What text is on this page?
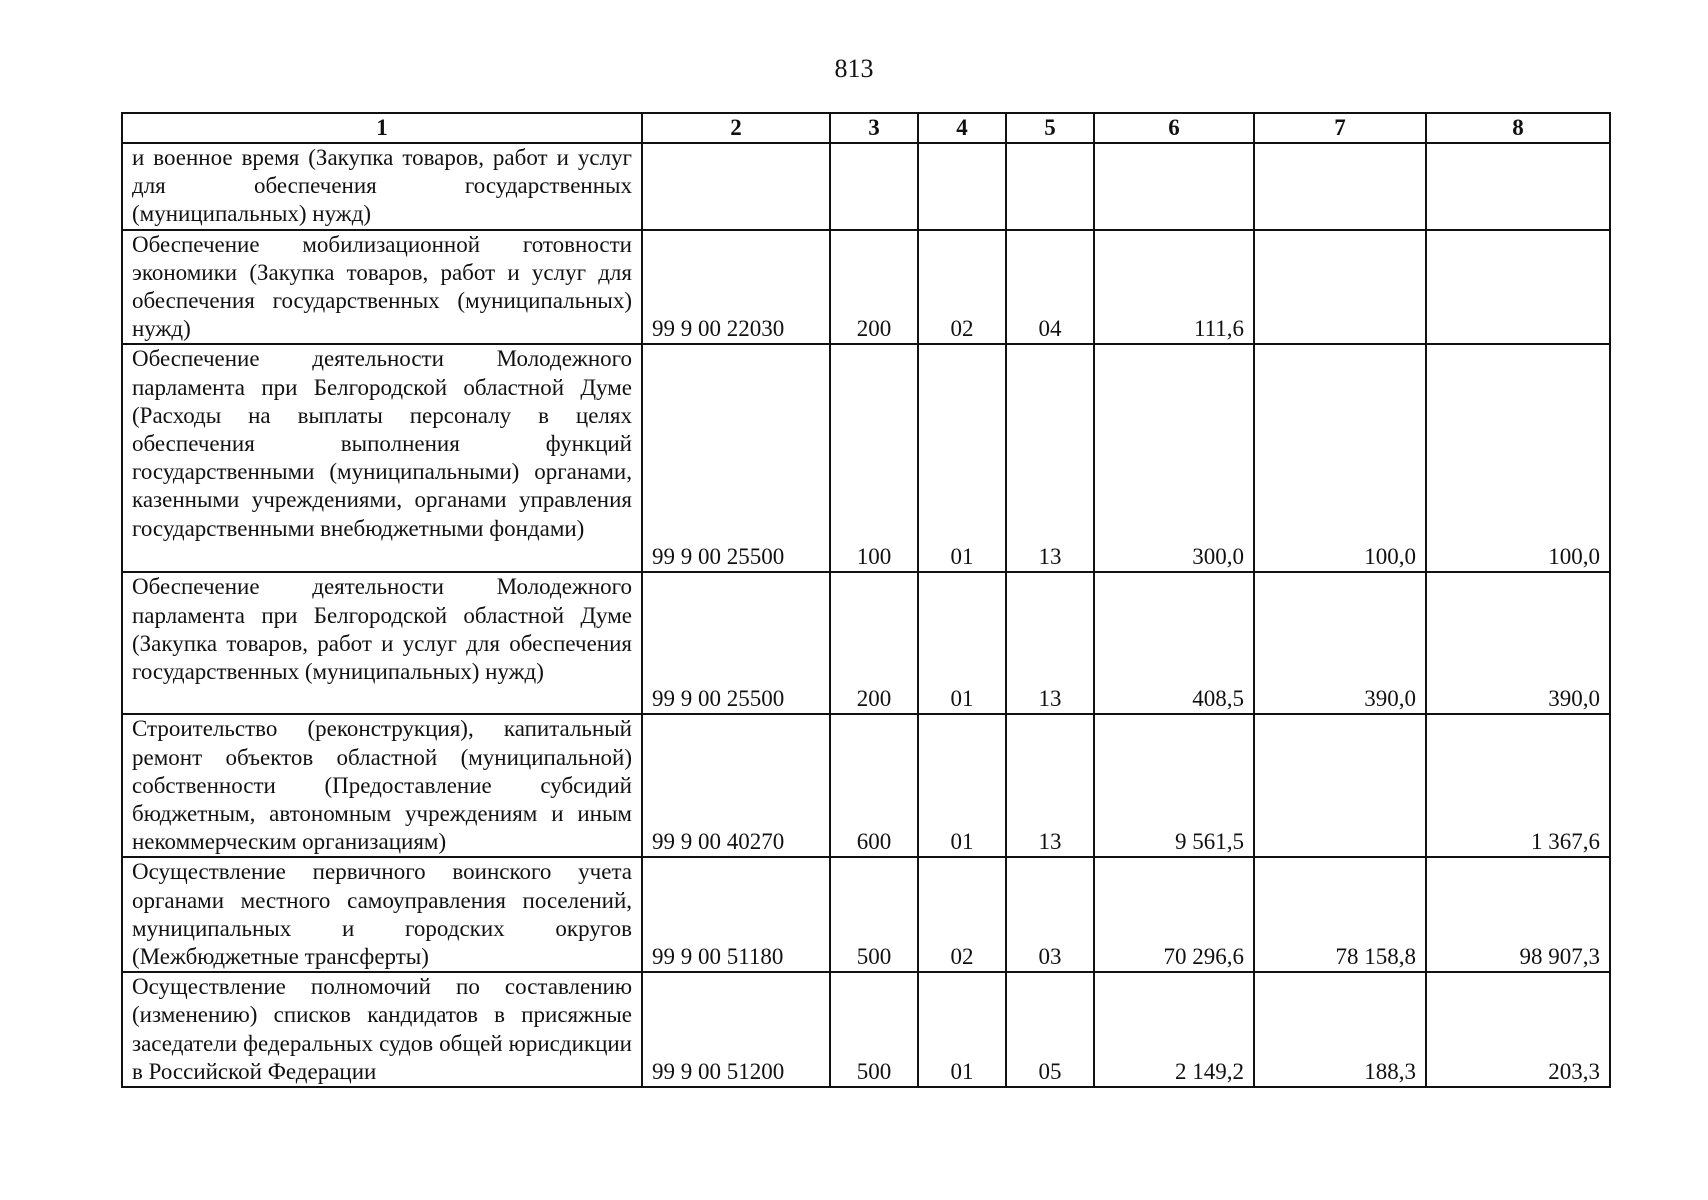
813
1	2	3	4	5	6	7	8
и военное время (Закупка товаров, работ и услуг для обеспечения государственных (муниципальных) нужд)							
Обеспечение мобилизационной готовности экономики (Закупка товаров, работ и услуг для обеспечения государственных (муниципальных) нужд)	99 9 00 22030	200	02	04	111,6		
Обеспечение деятельности Молодежного парламента при Белгородской областной Думе (Расходы на выплаты персоналу в целях обеспечения выполнения функций государственными (муниципальными) органами, казенными учреждениями, органами управления государственными внебюджетными фондами)	99 9 00 25500	100	01	13	300,0	100,0	100,0
Обеспечение деятельности Молодежного парламента при Белгородской областной Думе (Закупка товаров, работ и услуг для обеспечения государственных (муниципальных) нужд)	99 9 00 25500	200	01	13	408,5	390,0	390,0
Строительство (реконструкция), капитальный ремонт объектов областной (муниципальной) собственности (Предоставление субсидий бюджетным, автономным учреждениям и иным некоммерческим организациям)	99 9 00 40270	600	01	13	9 561,5		1 367,6
Осуществление первичного воинского учета органами местного самоуправления поселений, муниципальных и городских округов (Межбюджетные трансферты)	99 9 00 51180	500	02	03	70 296,6	78 158,8	98 907,3
Осуществление полномочий по составлению (изменению) списков кандидатов в присяжные заседатели федеральных судов общей юрисдикции в Российской Федерации	99 9 00 51200	500	01	05	2 149,2	188,3	203,3
